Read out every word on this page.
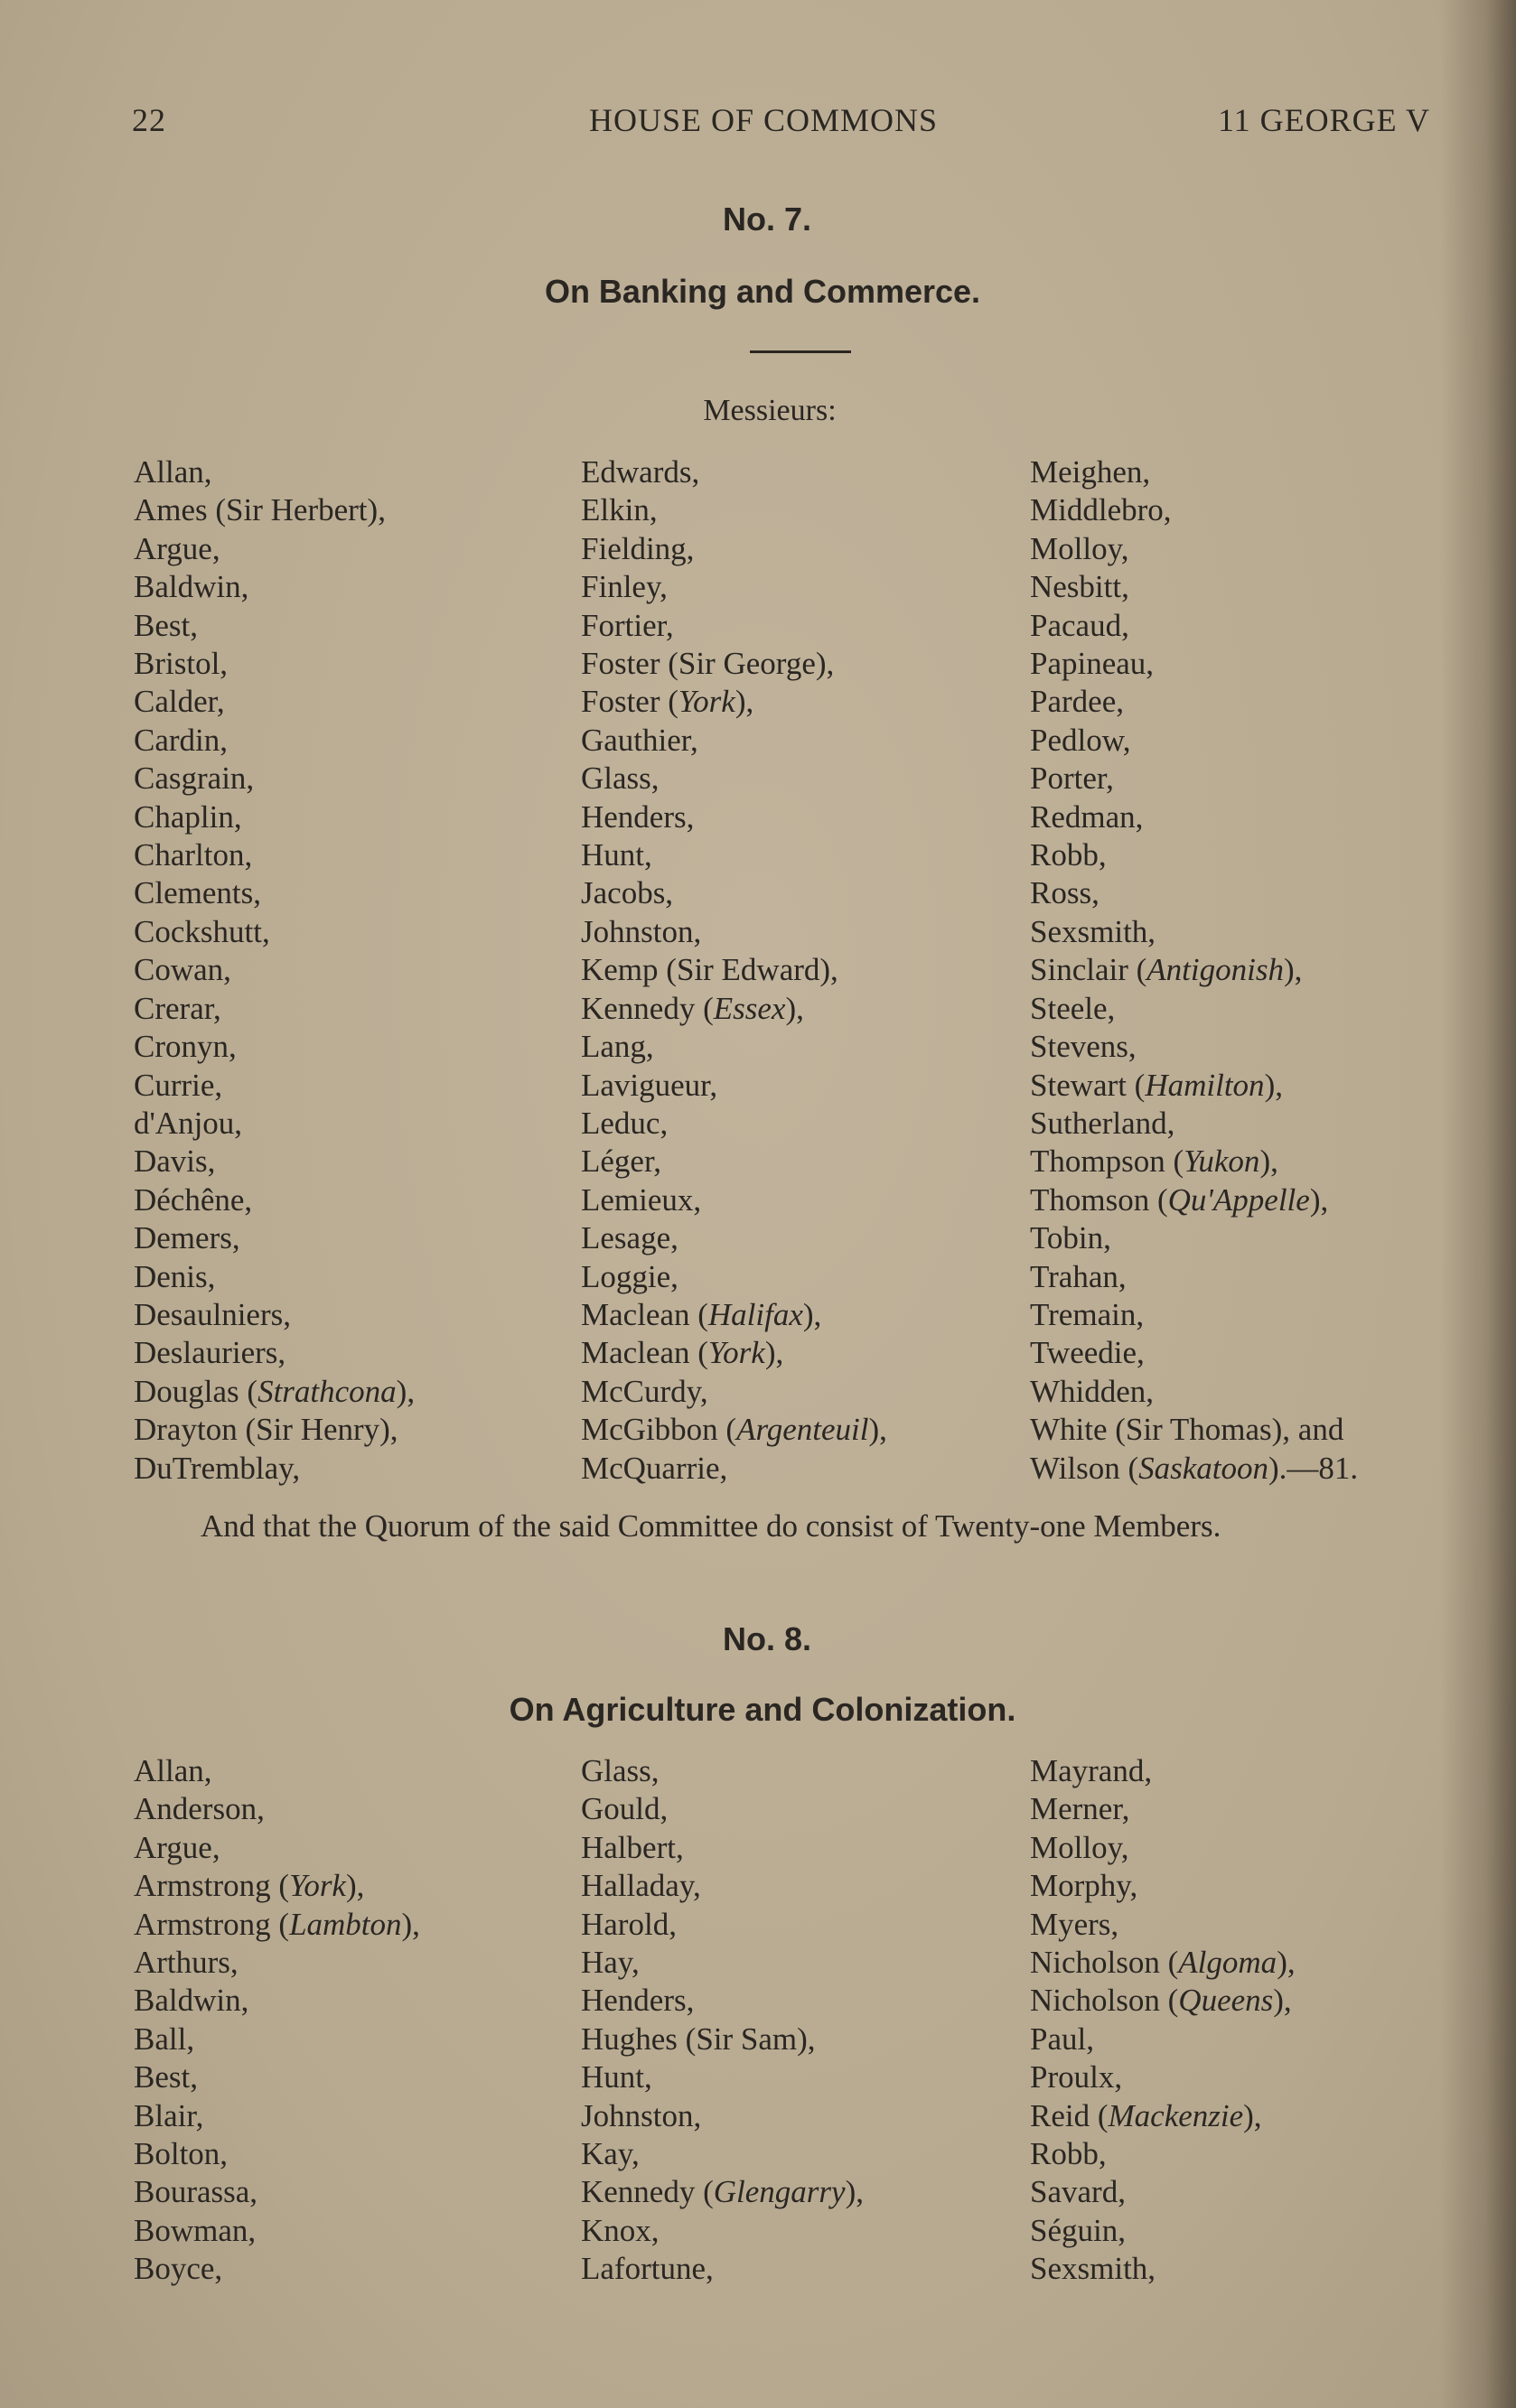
22	HOUSE OF COMMONS	11 GEORGE V
No. 7.
On Banking and Commerce.
Messieurs:
Allan,
Ames (Sir Herbert),
Argue,
Baldwin,
Best,
Bristol,
Calder,
Cardin,
Casgrain,
Chaplin,
Charlton,
Clements,
Cockshutt,
Cowan,
Crerar,
Cronyn,
Currie,
d'Anjou,
Davis,
Déchêne,
Demers,
Denis,
Desaulniers,
Deslauriers,
Douglas (Strathcona),
Drayton (Sir Henry),
DuTremblay,
Edwards,
Elkin,
Fielding,
Finley,
Fortier,
Foster (Sir George),
Foster (York),
Gauthier,
Glass,
Henders,
Hunt,
Jacobs,
Johnston,
Kemp (Sir Edward),
Kennedy (Essex),
Lang,
Lavigueur,
Leduc,
Léger,
Lemieux,
Lesage,
Loggie,
Maclean (Halifax),
Maclean (York),
McCurdy,
McGibbon (Argenteuil),
McQuarrie,
Meighen,
Middlebro,
Molloy,
Nesbitt,
Pacaud,
Papineau,
Pardee,
Pedlow,
Porter,
Redman,
Robb,
Ross,
Sexsmith,
Sinclair (Antigonish),
Steele,
Stevens,
Stewart (Hamilton),
Sutherland,
Thompson (Yukon),
Thomson (Qu'Appelle),
Tobin,
Trahan,
Tremain,
Tweedie,
Whidden,
White (Sir Thomas), and
Wilson (Saskatoon).—81.
And that the Quorum of the said Committee do consist of Twenty-one Members.
No. 8.
On Agriculture and Colonization.
Allan,
Anderson,
Argue,
Armstrong (York),
Armstrong (Lambton),
Arthurs,
Baldwin,
Ball,
Best,
Blair,
Bolton,
Bourassa,
Bowman,
Boyce,
Glass,
Gould,
Halbert,
Halladay,
Harold,
Hay,
Henders,
Hughes (Sir Sam),
Hunt,
Johnston,
Kay,
Kennedy (Glengarry),
Knox,
Lafortune,
Mayrand,
Merner,
Molloy,
Morphy,
Myers,
Nicholson (Algoma),
Nicholson (Queens),
Paul,
Proulx,
Reid (Mackenzie),
Robb,
Savard,
Séguin,
Sexsmith,
